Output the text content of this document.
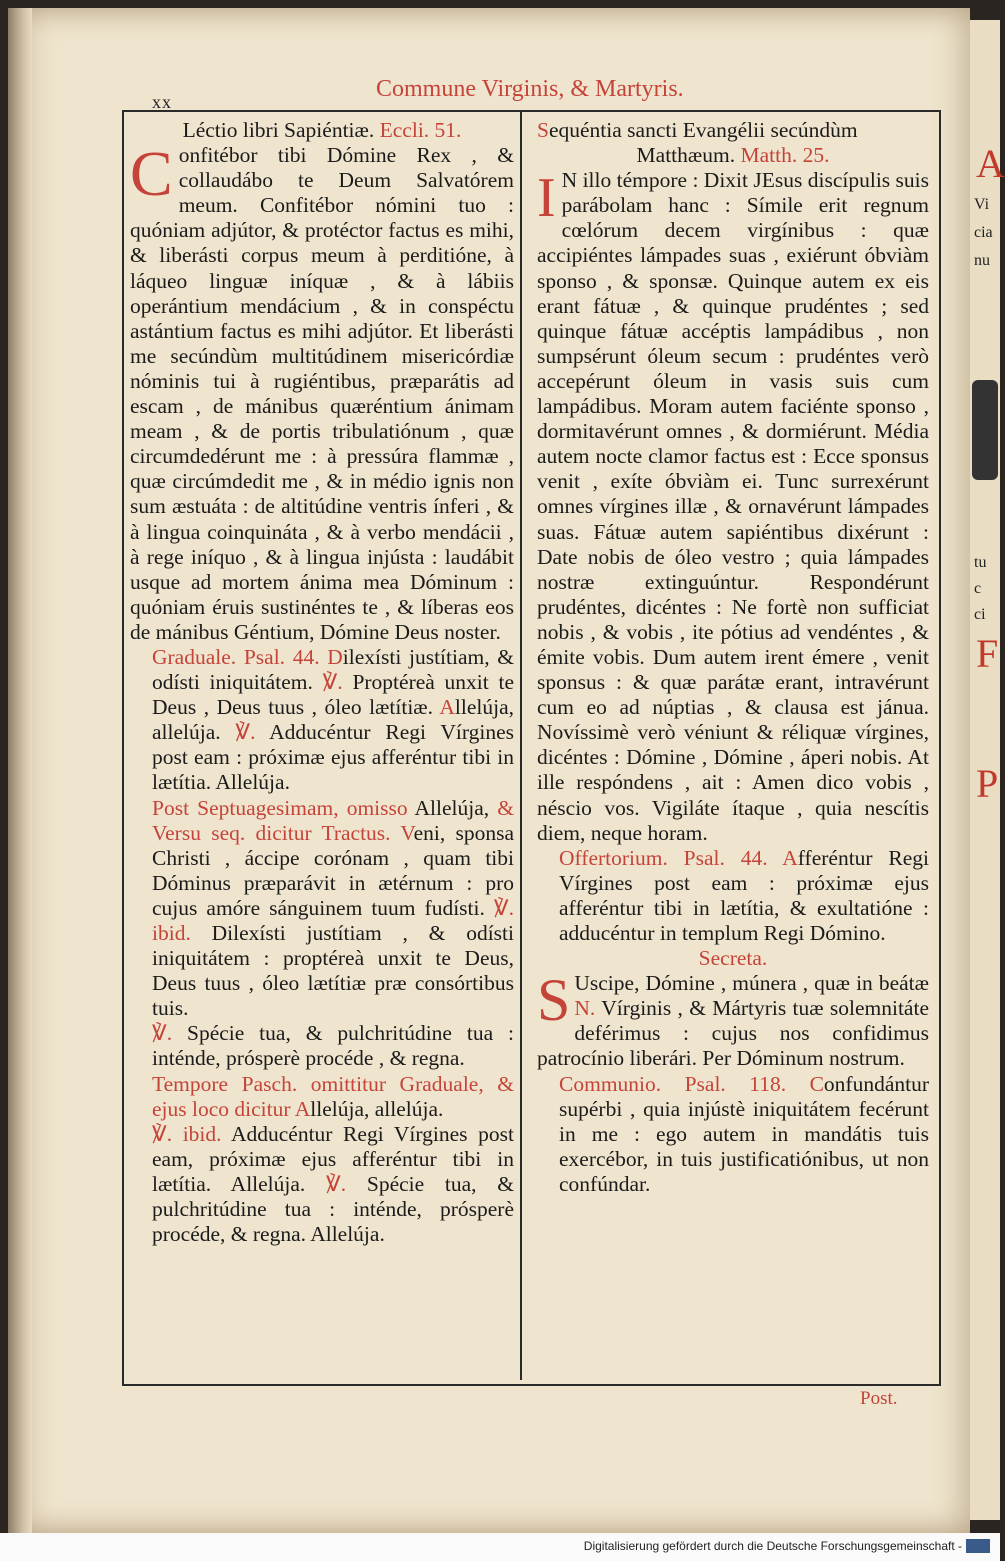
A
Vi
cia
nu
tu
c
ci
F
P
xx	Commune Virginis, & Martyris.

Léctio libri Sapiéntiæ. Eccli. 51.

Confitébor tibi Dómine Rex , & collaudábo te Deum Salvatórem meum. Confitébor nómini tuo : quóniam adjútor, & protéctor factus es mihi, & liberásti corpus meum à perditióne, à láqueo linguæ iníquæ , & à lábiis operántium mendácium , & in conspéctu astántium factus es mihi adjútor. Et liberásti me secúndùm multitúdinem misericórdiæ nóminis tui à rugiéntibus, præparátis ad escam , de mánibus quæréntium ánimam meam , & de portis tribulatiónum , quæ circumdedérunt me : à pressúra flammæ , quæ circúmdedit me , & in médio ignis non sum æstuáta : de altitúdine ventris ínferi , & à lingua coinquináta , & à verbo mendácii , à rege iníquo , & à lingua injústa : laudábit usque ad mortem ánima mea Dóminum : quóniam éruis sustinéntes te , & líberas eos de mánibus Géntium, Dómine Deus noster.

Graduale. Psal. 44. Dilexísti justítiam, & odísti iniquitátem. ℣. Proptéreà unxit te Deus , Deus tuus , óleo lætítiæ. Allelúja, allelúja. ℣. Adducéntur Regi Vírgines post eam : próximæ ejus afferéntur tibi in lætítia. Allelúja.

Post Septuagesimam, omisso Allelúja, & Versu seq. dicitur Tractus. Veni, sponsa Christi , áccipe corónam , quam tibi Dóminus præparávit in ætérnum : pro cujus amóre sánguinem tuum fudísti. ℣. ibid. Dilexísti justítiam , & odísti iniquitátem : proptéreà unxit te Deus, Deus tuus , óleo lætítiæ præ consórtibus tuis.

℣. Spécie tua, & pulchritúdine tua : inténde, prósperè procéde , & regna.

Tempore Pasch. omittitur Graduale, & ejus loco dicitur Allelúja, allelúja.

℣. ibid. Adducéntur Regi Vírgines post eam, próximæ ejus afferéntur tibi in lætítia. Allelúja. ℣. Spécie tua, & pulchritúdine tua : inténde, prósperè procéde, & regna. Allelúja.

Sequéntia sancti Evangélii secúndùm

Matthæum. Matth. 25.

I N illo témpore : Dixit JEsus discípulis suis parábolam hanc : Símile erit regnum cœlórum decem virgínibus : quæ accipiéntes lámpades suas , exiérunt óbviàm sponso , & sponsæ. Quinque autem ex eis erant fátuæ , & quinque prudéntes ; sed quinque fátuæ accéptis lampádibus , non sumpsérunt óleum secum : prudéntes verò accepérunt óleum in vasis suis cum lampádibus. Moram autem faciénte sponso , dormitavérunt omnes , & dormiérunt. Média autem nocte clamor factus est : Ecce sponsus venit , exíte óbviàm ei. Tunc surrexérunt omnes vírgines illæ , & ornavérunt lámpades suas. Fátuæ autem sapiéntibus dixérunt : Date nobis de óleo vestro ; quia lámpades nostræ extinguúntur. Respondérunt prudéntes, dicéntes : Ne fortè non sufficiat nobis , & vobis , ite pótius ad vendéntes , & émite vobis. Dum autem irent émere , venit sponsus : & quæ parátæ erant, intravérunt cum eo ad núptias , & clausa est jánua. Novíssimè verò véniunt & réliquæ vírgines, dicéntes : Dómine , Dómine , áperi nobis. At ille respóndens , ait : Amen dico vobis , néscio vos. Vigiláte ítaque , quia nescítis diem, neque horam.

Offertorium. Psal. 44. Afferéntur Regi Vírgines post eam : próximæ ejus afferéntur tibi in lætítia, & exultatióne : adducéntur in templum Regi Dómino.

Secreta.

S Uscipe, Dómine , múnera , quæ in beátæ N. Vírginis , & Mártyris tuæ solemnitáte deférimus : cujus nos confidimus patrocínio liberári. Per Dóminum nostrum.

Communio. Psal. 118. Confundántur supérbi , quia injústè iniquitátem fecérunt in me : ego autem in mandátis tuis exercébor, in tuis justificatiónibus, ut non confúndar.

Post.
Digitalisierung gefördert durch die Deutsche Forschungsgemeinschaft -
